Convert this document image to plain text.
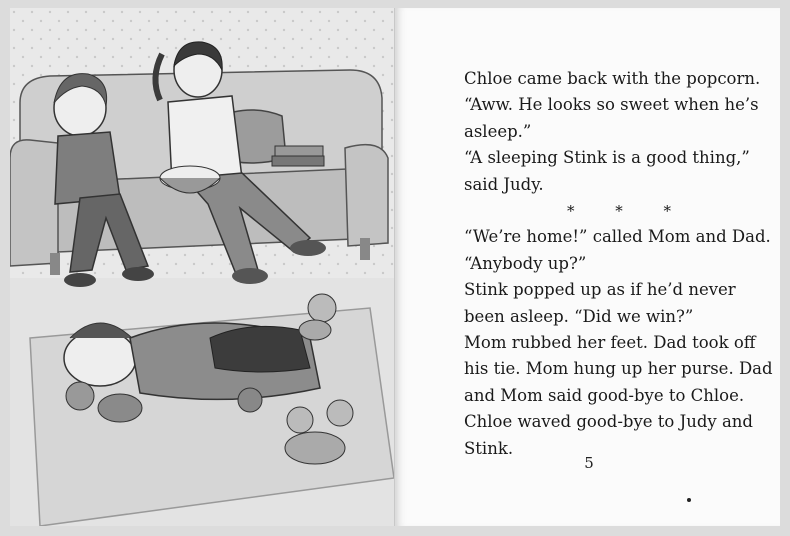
Chloe came back with the popcorn. “Aww. He looks so sweet when he’s asleep.”

“A sleeping Stink is a good thing,” said Judy.

* * *

“We’re home!” called Mom and Dad. “Anybody up?”

Stink popped up as if he’d never been asleep. “Did we win?”

Mom rubbed her feet. Dad took off his tie. Mom hung up her purse. Dad and Mom said good-bye to Chloe. Chloe waved good-bye to Judy and Stink.

5
